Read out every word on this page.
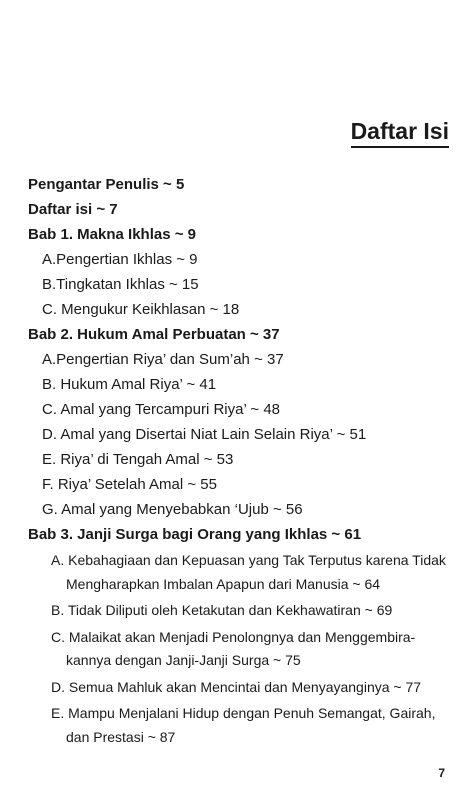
Daftar Isi
Pengantar Penulis ~ 5
Daftar isi ~ 7
Bab 1. Makna Ikhlas ~ 9
A.Pengertian Ikhlas ~ 9
B.Tingkatan Ikhlas ~ 15
C. Mengukur Keikhlasan ~ 18
Bab 2. Hukum Amal Perbuatan ~ 37
A.Pengertian Riya’ dan Sum’ah ~ 37
B. Hukum Amal Riya’ ~ 41
C. Amal yang Tercampuri Riya’ ~ 48
D. Amal yang Disertai Niat Lain Selain Riya’ ~ 51
E. Riya’ di Tengah Amal ~ 53
F. Riya’ Setelah Amal ~ 55
G. Amal yang Menyebabkan ‘Ujub ~ 56
Bab 3. Janji Surga bagi Orang yang Ikhlas ~ 61
A. Kebahagiaan dan Kepuasan yang Tak Terputus karena Tidak Mengharapkan Imbalan Apapun dari Manusia ~ 64
B. Tidak Diliputi oleh Ketakutan dan Kekhawatiran ~ 69
C. Malaikat akan Menjadi Penolongnya dan Menggembira-kannya dengan Janji-Janji Surga ~ 75
D. Semua Mahluk akan Mencintai dan Menyayanginya ~ 77
E. Mampu Menjalani Hidup dengan Penuh Semangat, Gairah, dan Prestasi ~ 87
7
